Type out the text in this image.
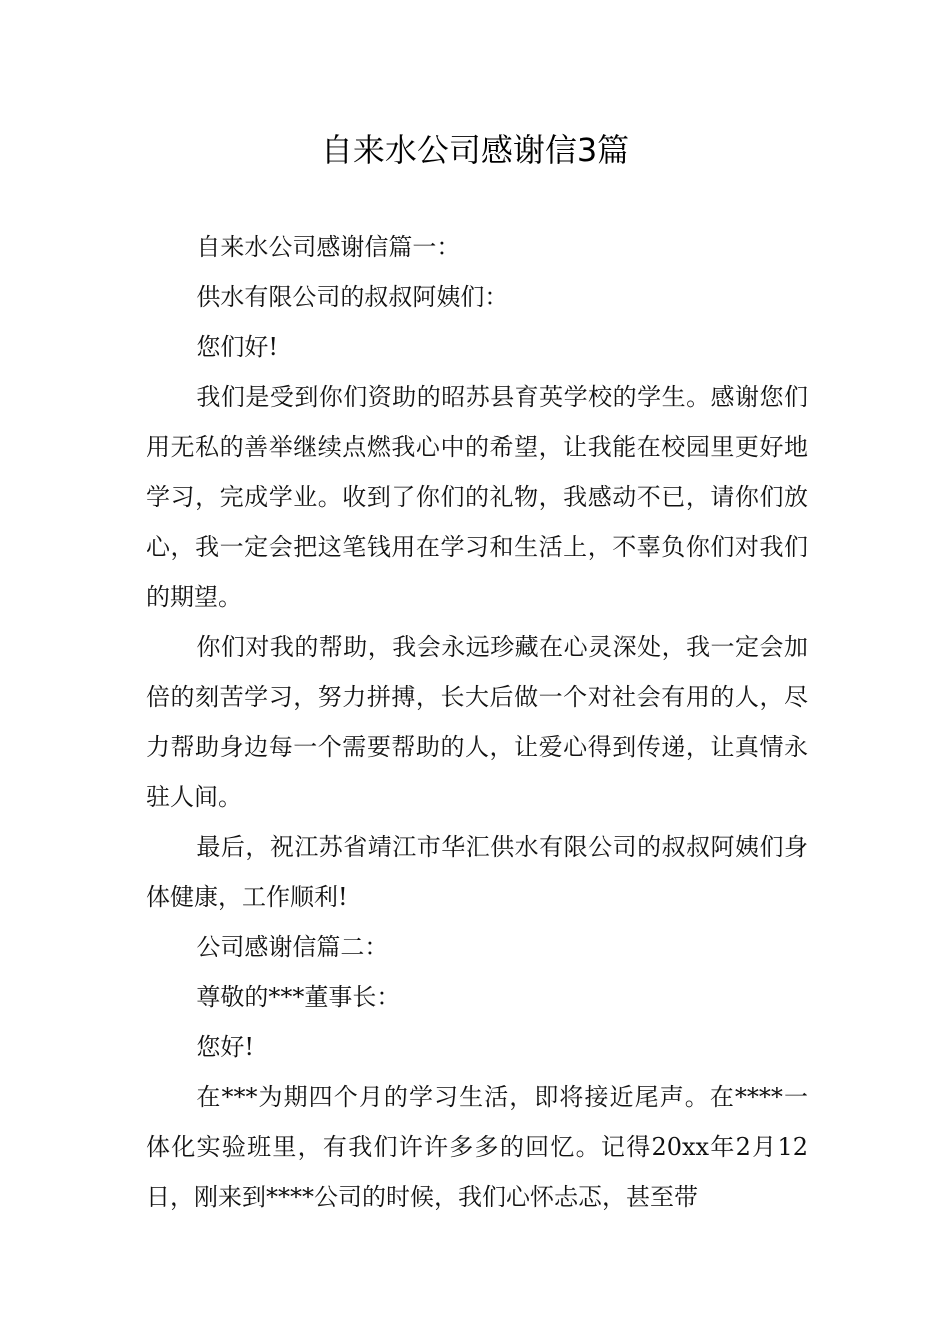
自来水公司感谢信3篇

自来水公司感谢信篇一：

供水有限公司的叔叔阿姨们：

您们好!

我们是受到你们资助的昭苏县育英学校的学生。感谢您们用无私的善举继续点燃我心中的希望，让我能在校园里更好地学习，完成学业。收到了你们的礼物，我感动不已，请你们放心，我一定会把这笔钱用在学习和生活上，不辜负你们对我们的期望。

你们对我的帮助，我会永远珍藏在心灵深处，我一定会加倍的刻苦学习，努力拼搏，长大后做一个对社会有用的人，尽力帮助身边每一个需要帮助的人，让爱心得到传递，让真情永驻人间。

最后，祝江苏省靖江市华汇供水有限公司的叔叔阿姨们身体健康，工作顺利!

公司感谢信篇二：

尊敬的***董事长：

您好!

在***为期四个月的学习生活，即将接近尾声。在****一体化实验班里，有我们许许多多的回忆。记得20xx年2月12日，刚来到****公司的时候，我们心怀忐忑，甚至带
